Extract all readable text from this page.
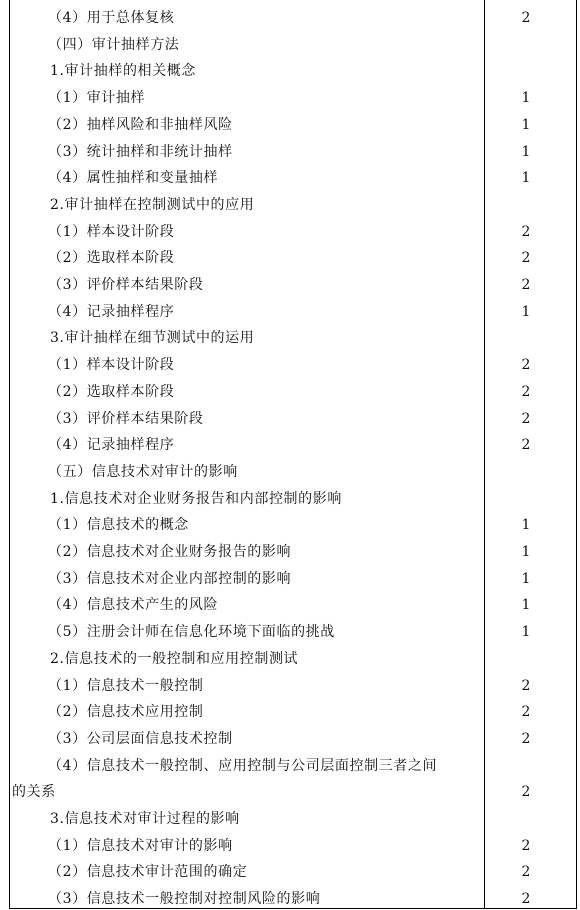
（4）用于总体复核	2
（四）审计抽样方法
1.审计抽样的相关概念
（1）审计抽样	1
（2）抽样风险和非抽样风险	1
（3）统计抽样和非统计抽样	1
（4）属性抽样和变量抽样	1
2.审计抽样在控制测试中的应用
（1）样本设计阶段	2
（2）选取样本阶段	2
（3）评价样本结果阶段	2
（4）记录抽样程序	1
3.审计抽样在细节测试中的运用
（1）样本设计阶段	2
（2）选取样本阶段	2
（3）评价样本结果阶段	2
（4）记录抽样程序	2
（五）信息技术对审计的影响
1.信息技术对企业财务报告和内部控制的影响
（1）信息技术的概念	1
（2）信息技术对企业财务报告的影响	1
（3）信息技术对企业内部控制的影响	1
（4）信息技术产生的风险	1
（5）注册会计师在信息化环境下面临的挑战	1
2.信息技术的一般控制和应用控制测试
（1）信息技术一般控制	2
（2）信息技术应用控制	2
（3）公司层面信息技术控制	2
（4）信息技术一般控制、应用控制与公司层面控制三者之间
的关系	2
3.信息技术对审计过程的影响
（1）信息技术对审计的影响	2
（2）信息技术审计范围的确定	2
（3）信息技术一般控制对控制风险的影响	2
